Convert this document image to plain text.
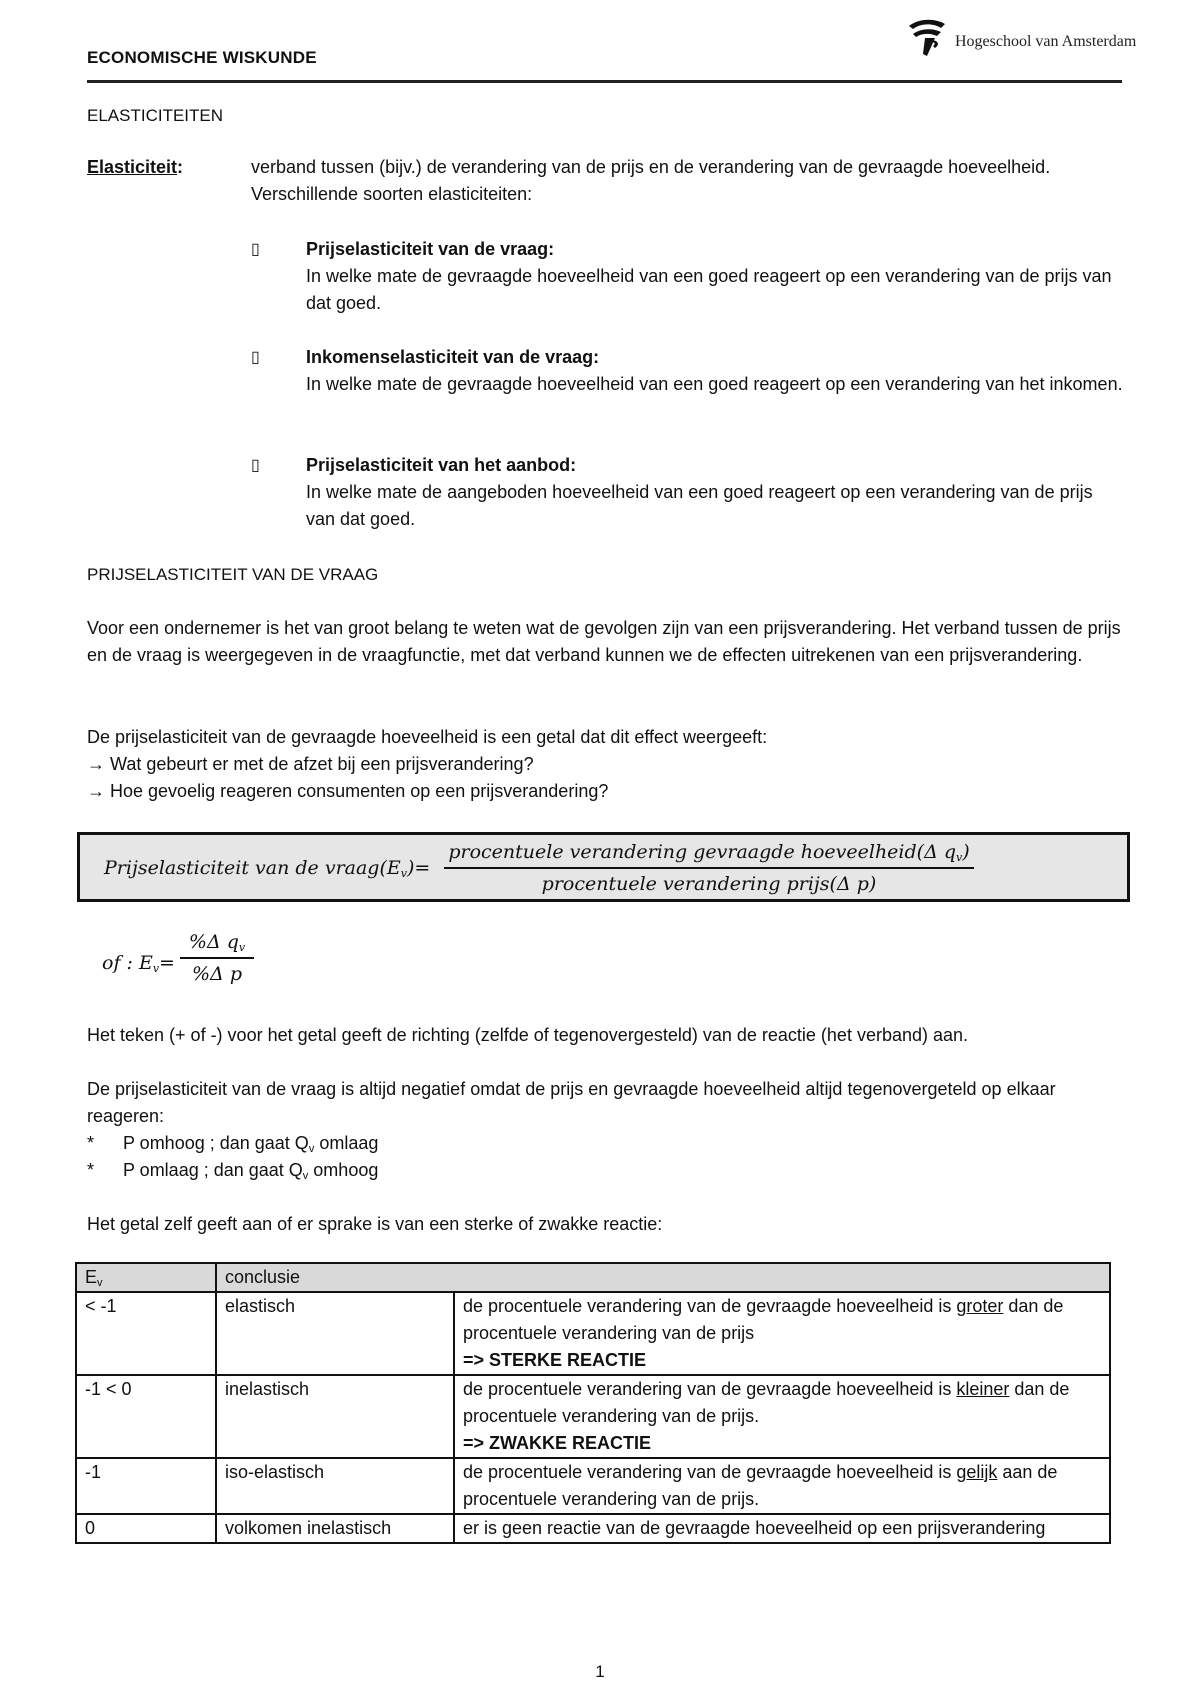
ECONOMISCHE WISKUNDE
Hogeschool van Amsterdam
ELASTICITEITEN
Elasticiteit:	verband tussen (bijv.) de verandering van de prijs en de verandering van de gevraagde hoeveelheid. Verschillende soorten elasticiteiten:
▯	Prijselasticiteit van de vraag:
In welke mate de gevraagde hoeveelheid van een goed reageert op een verandering van de prijs van dat goed.
▯	Inkomenselasticiteit van de vraag:
In welke mate de gevraagde hoeveelheid van een goed reageert op een verandering van het inkomen.
▯	Prijselasticiteit van het aanbod:
In welke mate de aangeboden hoeveelheid van een goed reageert op een verandering van de prijs van dat goed.
PRIJSELASTICITEIT VAN DE VRAAG
Voor een ondernemer is het van groot belang te weten wat de gevolgen zijn van een prijsverandering. Het verband tussen de prijs en de vraag is weergegeven in de vraagfunctie, met dat verband kunnen we de effecten uitrekenen van een prijsverandering.
De prijselasticiteit van de gevraagde hoeveelheid is een getal dat dit effect weergeeft:
→ Wat gebeurt er met de afzet bij een prijsverandering?
→ Hoe gevoelig reageren consumenten op een prijsverandering?
Prijselasticiteit van de $vraag(E_v)=$
procentuele verandering gevraagde hoeveelheid(Δ $q_v$)
procentuele verandering prijs(Δ p)
of : $E_v=$
%Δ $q_v$
%Δ p
Het teken (+ of -) voor het getal geeft de richting (zelfde of tegenovergesteld) van de reactie (het verband) aan.
De prijselasticiteit van de vraag is altijd negatief omdat de prijs en gevraagde hoeveelheid altijd tegenovergeteld op elkaar reageren:
* P omhoog ; dan gaat $Q_v$ omlaag
* P omlaag ; dan gaat $Q_v$ omhoog
Het getal zelf geeft aan of er sprake is van een sterke of zwakke reactie:
$E_v$	conclusie	
< -1	elastisch	de procentuele verandering van de gevraagde hoeveelheid is groter dan de procentuele verandering van de prijs
=> STERKE REACTIE
-1 < 0	inelastisch	de procentuele verandering van de gevraagde hoeveelheid is kleiner dan de procentuele verandering van de prijs.
=> ZWAKKE REACTIE
-1	iso-elastisch	de procentuele verandering van de gevraagde hoeveelheid is gelijk aan de procentuele verandering van de prijs.
0	volkomen inelastisch	er is geen reactie van de gevraagde hoeveelheid op een prijsverandering
1
